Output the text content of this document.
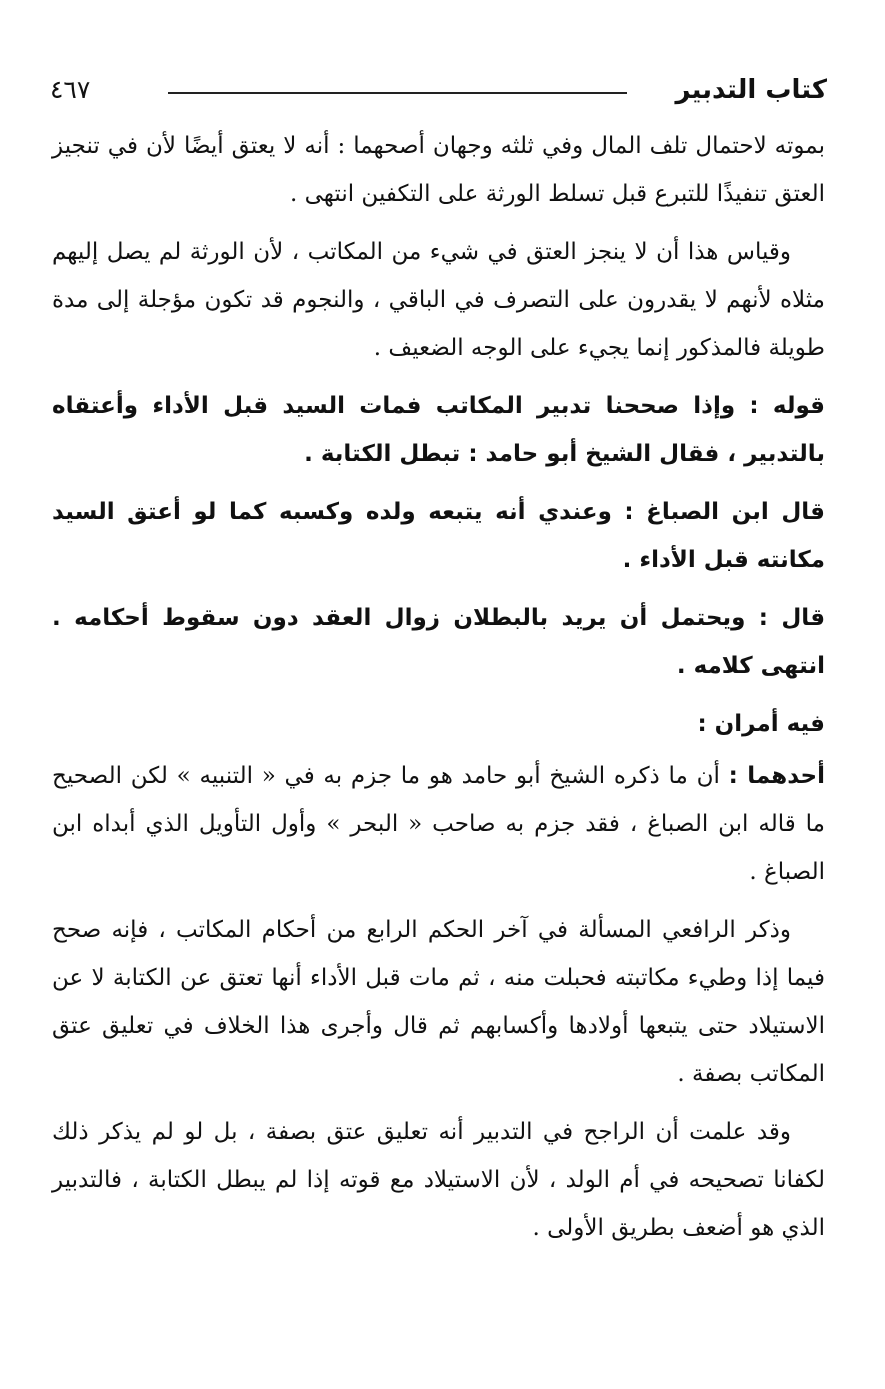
كتاب التدبير
٤٦٧

بموته لاحتمال تلف المال وفي ثلثه وجهان أصحهما : أنه لا يعتق أيضًا لأن في تنجيز العتق تنفيذًا للتبرع قبل تسلط الورثة على التكفين انتهى .

وقياس هذا أن لا ينجز العتق في شيء من المكاتب ، لأن الورثة لم يصل إليهم مثلاه لأنهم لا يقدرون على التصرف في الباقي ، والنجوم قد تكون مؤجلة إلى مدة طويلة فالمذكور إنما يجيء على الوجه الضعيف .

قوله : وإذا صححنا تدبير المكاتب فمات السيد قبل الأداء وأعتقاه بالتدبير ، فقال الشيخ أبو حامد : تبطل الكتابة .

قال ابن الصباغ : وعندي أنه يتبعه ولده وكسبه كما لو أعتق السيد مكانته قبل الأداء .

قال : ويحتمل أن يريد بالبطلان زوال العقد دون سقوط أحكامه . انتهى كلامه .

فيه أمران :

أحدهما : أن ما ذكره الشيخ أبو حامد هو ما جزم به في « التنبيه » لكن الصحيح ما قاله ابن الصباغ ، فقد جزم به صاحب « البحر » وأول التأويل الذي أبداه ابن الصباغ .

وذكر الرافعي المسألة في آخر الحكم الرابع من أحكام المكاتب ، فإنه صحح فيما إذا وطيء مكاتبته فحبلت منه ، ثم مات قبل الأداء أنها تعتق عن الكتابة لا عن الاستيلاد حتى يتبعها أولادها وأكسابهم ثم قال وأجرى هذا الخلاف في تعليق عتق المكاتب بصفة .

وقد علمت أن الراجح في التدبير أنه تعليق عتق بصفة ، بل لو لم يذكر ذلك لكفانا تصحيحه في أم الولد ، لأن الاستيلاد مع قوته إذا لم يبطل الكتابة ، فالتدبير الذي هو أضعف بطريق الأولى .
